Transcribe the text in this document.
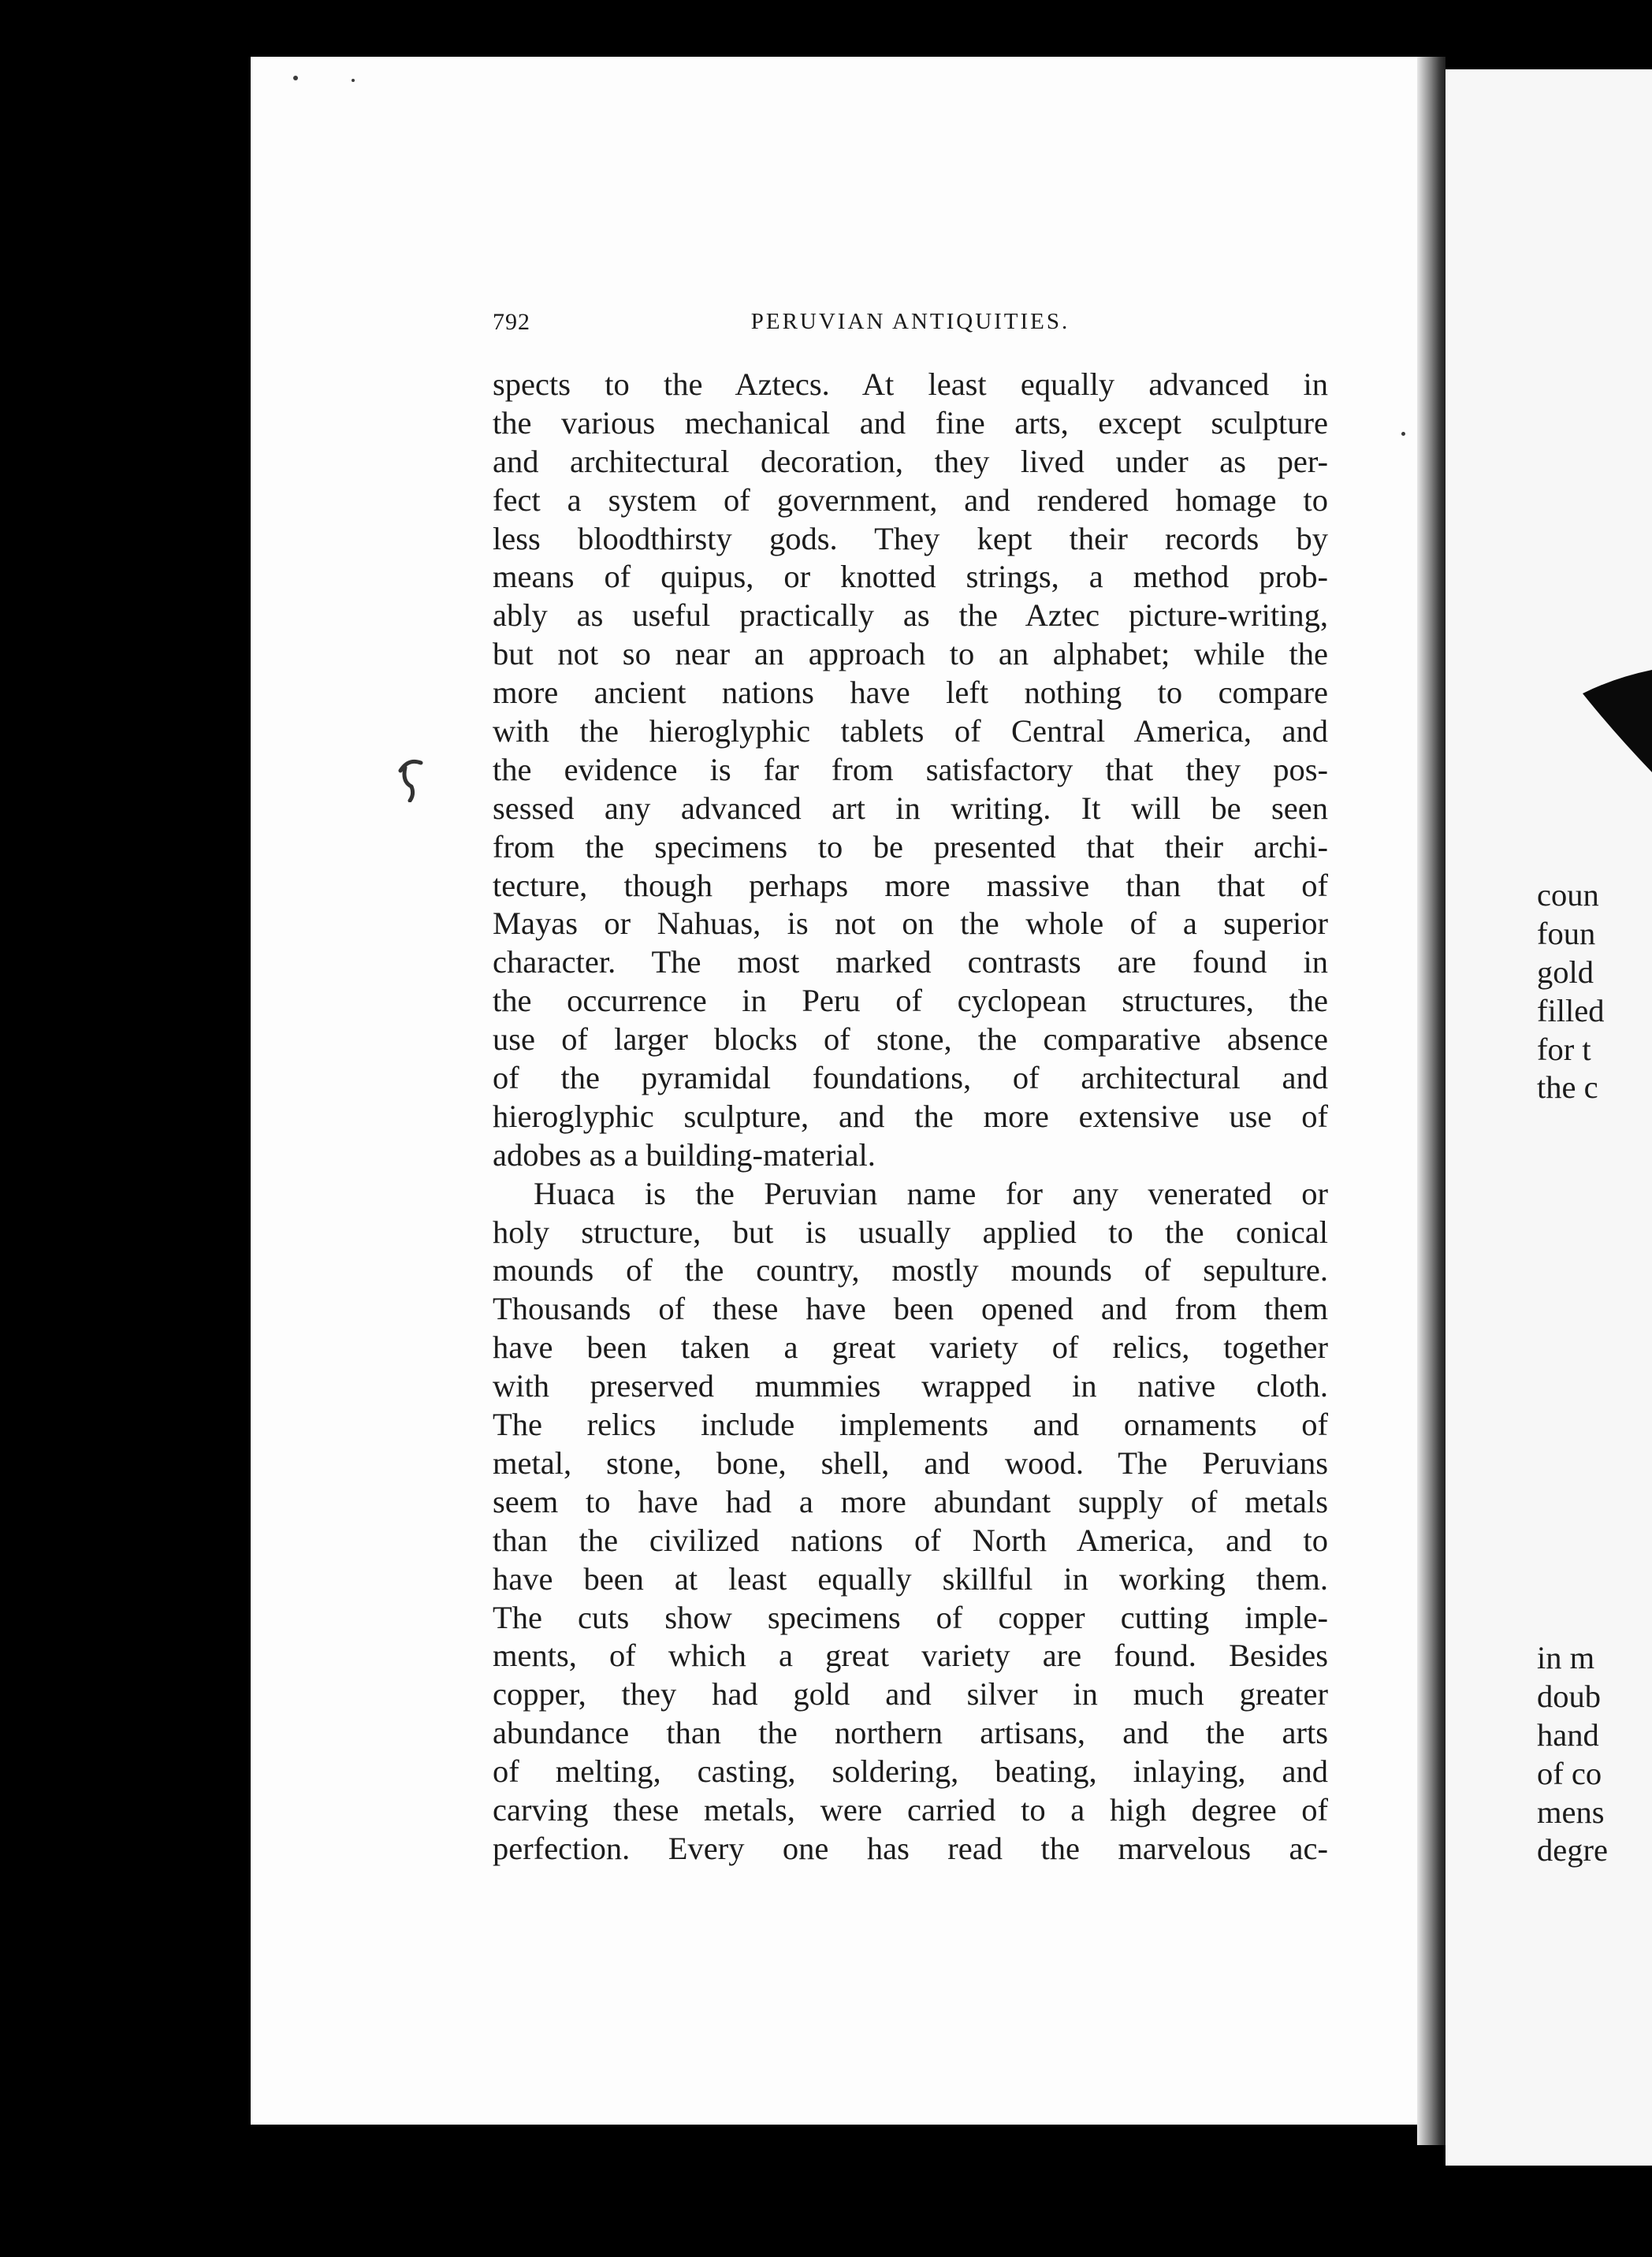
792	PERUVIAN ANTIQUITIES.
spects to the Aztecs. At least equally advanced in
the various mechanical and fine arts, except sculpture
and architectural decoration, they lived under as per-
fect a system of government, and rendered homage to
less bloodthirsty gods. They kept their records by
means of quipus, or knotted strings, a method prob-
ably as useful practically as the Aztec picture-writing,
but not so near an approach to an alphabet; while the
more ancient nations have left nothing to compare
with the hieroglyphic tablets of Central America, and
the evidence is far from satisfactory that they pos-
sessed any advanced art in writing. It will be seen
from the specimens to be presented that their archi-
tecture, though perhaps more massive than that of
Mayas or Nahuas, is not on the whole of a superior
character. The most marked contrasts are found in
the occurrence in Peru of cyclopean structures, the
use of larger blocks of stone, the comparative absence
of the pyramidal foundations, of architectural and
hieroglyphic sculpture, and the more extensive use of
adobes as a building-material.
Huaca is the Peruvian name for any venerated or
holy structure, but is usually applied to the conical
mounds of the country, mostly mounds of sepulture.
Thousands of these have been opened and from them
have been taken a great variety of relics, together
with preserved mummies wrapped in native cloth.
The relics include implements and ornaments of
metal, stone, bone, shell, and wood. The Peruvians
seem to have had a more abundant supply of metals
than the civilized nations of North America, and to
have been at least equally skillful in working them.
The cuts show specimens of copper cutting imple-
ments, of which a great variety are found. Besides
copper, they had gold and silver in much greater
abundance than the northern artisans, and the arts
of melting, casting, soldering, beating, inlaying, and
carving these metals, were carried to a high degree of
perfection. Every one has read the marvelous ac-
coun
foun
gold
filled
for t
the c
in m
doub
hand
of co
mens
degre
